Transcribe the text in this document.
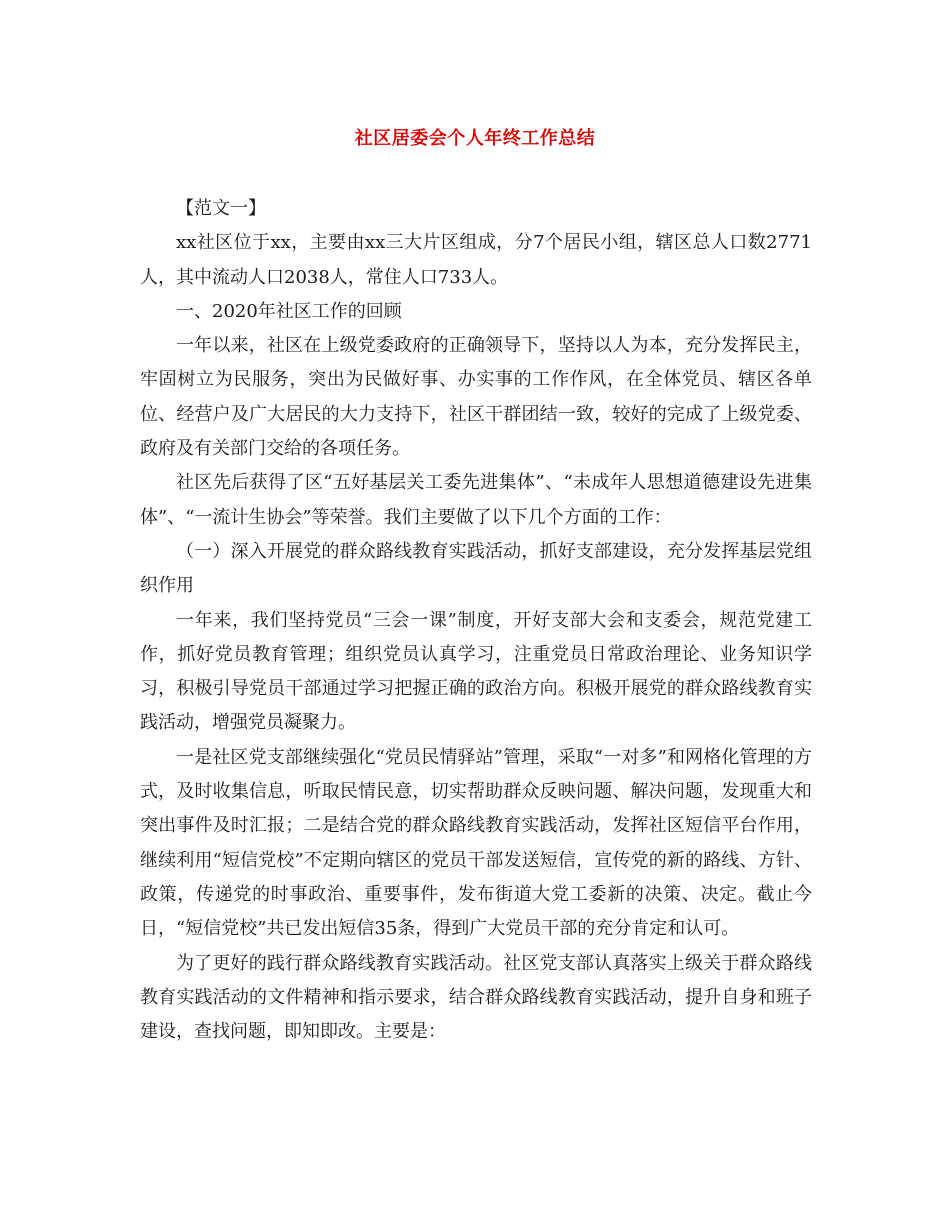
社区居委会个人年终工作总结

【范文一】

xx社区位于xx，主要由xx三大片区组成，分7个居民小组，辖区总人口数2771人，其中流动人口2038人，常住人口733人。

一、2020年社区工作的回顾

一年以来，社区在上级党委政府的正确领导下，坚持以人为本，充分发挥民主，牢固树立为民服务，突出为民做好事、办实事的工作作风，在全体党员、辖区各单位、经营户及广大居民的大力支持下，社区干群团结一致，较好的完成了上级党委、政府及有关部门交给的各项任务。

社区先后获得了区“五好基层关工委先进集体”、“未成年人思想道德建设先进集体”、“一流计生协会”等荣誉。我们主要做了以下几个方面的工作：

（一）深入开展党的群众路线教育实践活动，抓好支部建设，充分发挥基层党组织作用

一年来，我们坚持党员“三会一课”制度，开好支部大会和支委会，规范党建工作，抓好党员教育管理；组织党员认真学习，注重党员日常政治理论、业务知识学习，积极引导党员干部通过学习把握正确的政治方向。积极开展党的群众路线教育实践活动，增强党员凝聚力。

一是社区党支部继续强化“党员民情驿站”管理，采取“一对多”和网格化管理的方式，及时收集信息，听取民情民意，切实帮助群众反映问题、解决问题，发现重大和突出事件及时汇报；二是结合党的群众路线教育实践活动，发挥社区短信平台作用，继续利用“短信党校”不定期向辖区的党员干部发送短信，宣传党的新的路线、方针、政策，传递党的时事政治、重要事件，发布街道大党工委新的决策、决定。截止今日，“短信党校”共已发出短信35条，得到广大党员干部的充分肯定和认可。

为了更好的践行群众路线教育实践活动。社区党支部认真落实上级关于群众路线教育实践活动的文件精神和指示要求，结合群众路线教育实践活动，提升自身和班子建设，查找问题，即知即改。主要是：
